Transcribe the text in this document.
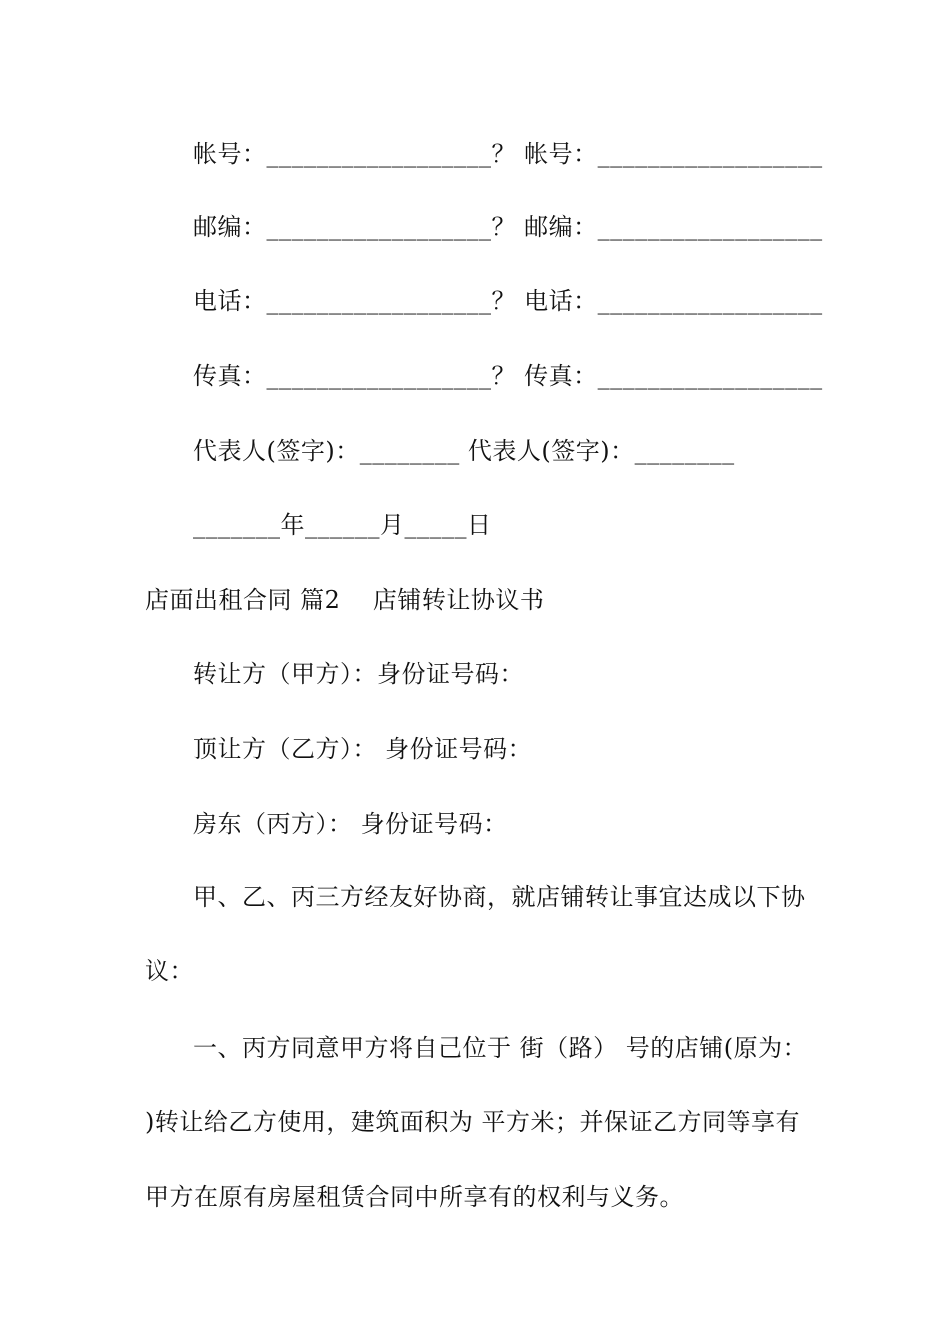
帐号：__________________？ 帐号：__________________
邮编：__________________？ 邮编：__________________
电话：__________________？ 电话：__________________
传真：__________________？ 传真：__________________
代表人(签字)：________ 代表人(签字)：________
_______年______月_____日
店面出租合同 篇2    店铺转让协议书
转让方（甲方）：身份证号码：
顶让方（乙方）： 身份证号码：
房东（丙方）： 身份证号码：
甲、乙、丙三方经友好协商，就店铺转让事宜达成以下协
议：
一、丙方同意甲方将自己位于 街（路） 号的店铺(原为：
)转让给乙方使用，建筑面积为 平方米；并保证乙方同等享有
甲方在原有房屋租赁合同中所享有的权利与义务。
